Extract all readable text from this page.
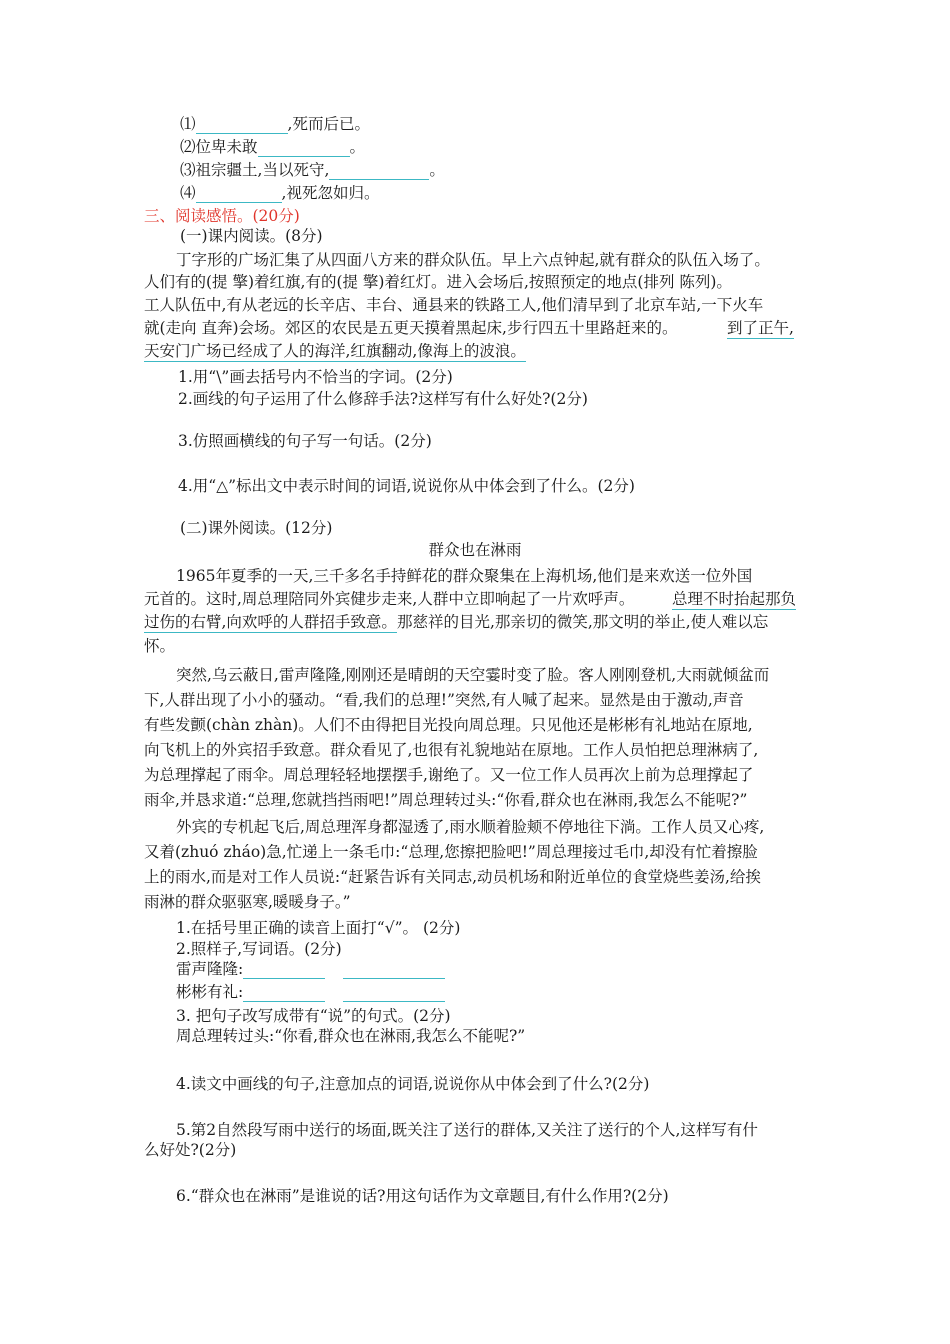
⑴	,死而后已。
⑵位卑未敢	。
⑶祖宗疆土,当以死守,	。
⑷	,视死忽如归。
三、阅读感悟。(20分)
(一)课内阅读。(8分)
丁字形的广场汇集了从四面八方来的群众队伍。早上六点钟起,就有群众的队伍入场了。
人们有的(提 擎)着红旗,有的(提 擎)着红灯。进入会场后,按照预定的地点(排列 陈列)。
工人队伍中,有从老远的长辛店、丰台、通县来的铁路工人,他们清早到了北京车站,一下火车
就(走向 直奔)会场。郊区的农民是五更天摸着黑起床,步行四五十里路赶来的。	到了正午,
天安门广场已经成了人的海洋,红旗翻动,像海上的波浪。
1.用“\”画去括号内不恰当的字词。(2分)
2.画线的句子运用了什么修辞手法?这样写有什么好处?(2分)
3.仿照画横线的句子写一句话。(2分)
4.用“△”标出文中表示时间的词语,说说你从中体会到了什么。(2分)
(二)课外阅读。(12分)
群众也在淋雨
1965年夏季的一天,三千多名手持鲜花的群众聚集在上海机场,他们是来欢送一位外国
元首的。这时,周总理陪同外宾健步走来,人群中立即响起了一片欢呼声。 总理不时抬起那负
过伤的右臂,向欢呼的人群招手致意。那慈祥的目光,那亲切的微笑,那文明的举止,使人难以忘
怀。
突然,乌云蔽日,雷声隆隆,刚刚还是晴朗的天空霎时变了脸。客人刚刚登机,大雨就倾盆而
下,人群出现了小小的骚动。“看,我们的总理!”突然,有人喊了起来。显然是由于激动,声音
有些发颤(chàn zhàn)。人们不由得把目光投向周总理。只见他还是彬彬有礼地站在原地,
向飞机上的外宾招手致意。群众看见了,也很有礼貌地站在原地。工作人员怕把总理淋病了,
为总理撑起了雨伞。周总理轻轻地摆摆手,谢绝了。又一位工作人员再次上前为总理撑起了
雨伞,并恳求道:“总理,您就挡挡雨吧!”周总理转过头:“你看,群众也在淋雨,我怎么不能呢?”
外宾的专机起飞后,周总理浑身都湿透了,雨水顺着脸颊不停地往下淌。工作人员又心疼,
又着(zhuó zháo)急,忙递上一条毛巾:“总理,您擦把脸吧!”周总理接过毛巾,却没有忙着擦脸
上的雨水,而是对工作人员说:“赶紧告诉有关同志,动员机场和附近单位的食堂烧些姜汤,给挨
雨淋的群众驱驱寒,暖暖身子。”
1.在括号里正确的读音上面打“√”。 (2分)
2.照样子,写词语。(2分)
雷声隆隆:
彬彬有礼:
3. 把句子改写成带有“说”的句式。(2分)
周总理转过头:“你看,群众也在淋雨,我怎么不能呢?”
4.读文中画线的句子,注意加点的词语,说说你从中体会到了什么?(2分)
5.第2自然段写雨中送行的场面,既关注了送行的群体,又关注了送行的个人,这样写有什
么好处?(2分)
6.“群众也在淋雨”是谁说的话?用这句话作为文章题目,有什么作用?(2分)
